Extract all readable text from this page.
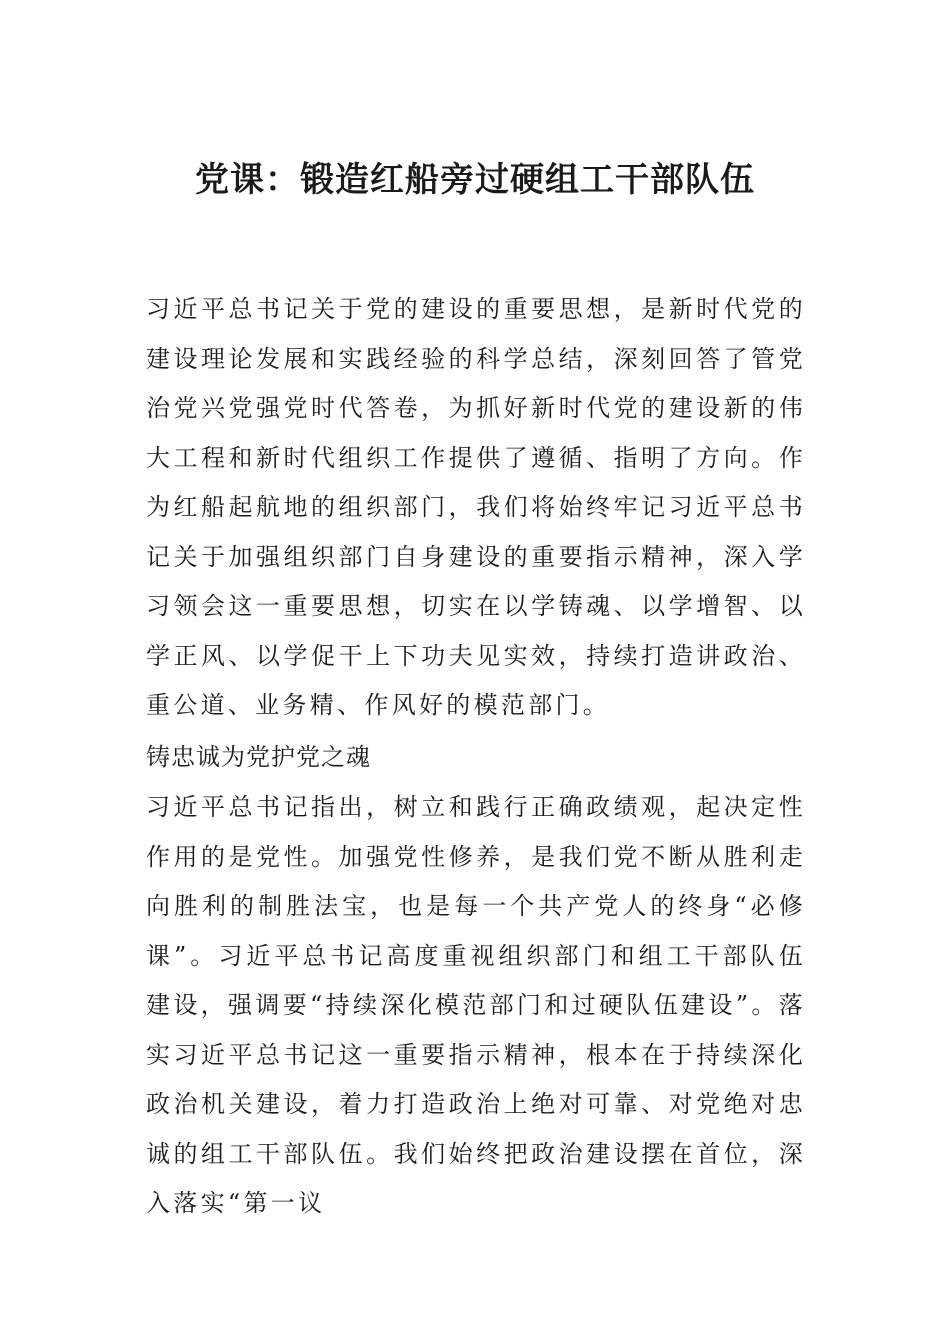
党课：锻造红船旁过硬组工干部队伍

习近平总书记关于党的建设的重要思想，是新时代党的建设理论发展和实践经验的科学总结，深刻回答了管党治党兴党强党时代答卷，为抓好新时代党的建设新的伟大工程和新时代组织工作提供了遵循、指明了方向。作为红船起航地的组织部门，我们将始终牢记习近平总书记关于加强组织部门自身建设的重要指示精神，深入学习领会这一重要思想，切实在以学铸魂、以学增智、以学正风、以学促干上下功夫见实效，持续打造讲政治、重公道、业务精、作风好的模范部门。

铸忠诚为党护党之魂

习近平总书记指出，树立和践行正确政绩观，起决定性作用的是党性。加强党性修养，是我们党不断从胜利走向胜利的制胜法宝，也是每一个共产党人的终身“必修课”。习近平总书记高度重视组织部门和组工干部队伍建设，强调要“持续深化模范部门和过硬队伍建设”。落实习近平总书记这一重要指示精神，根本在于持续深化政治机关建设，着力打造政治上绝对可靠、对党绝对忠诚的组工干部队伍。我们始终把政治建设摆在首位，深入落实“第一议
